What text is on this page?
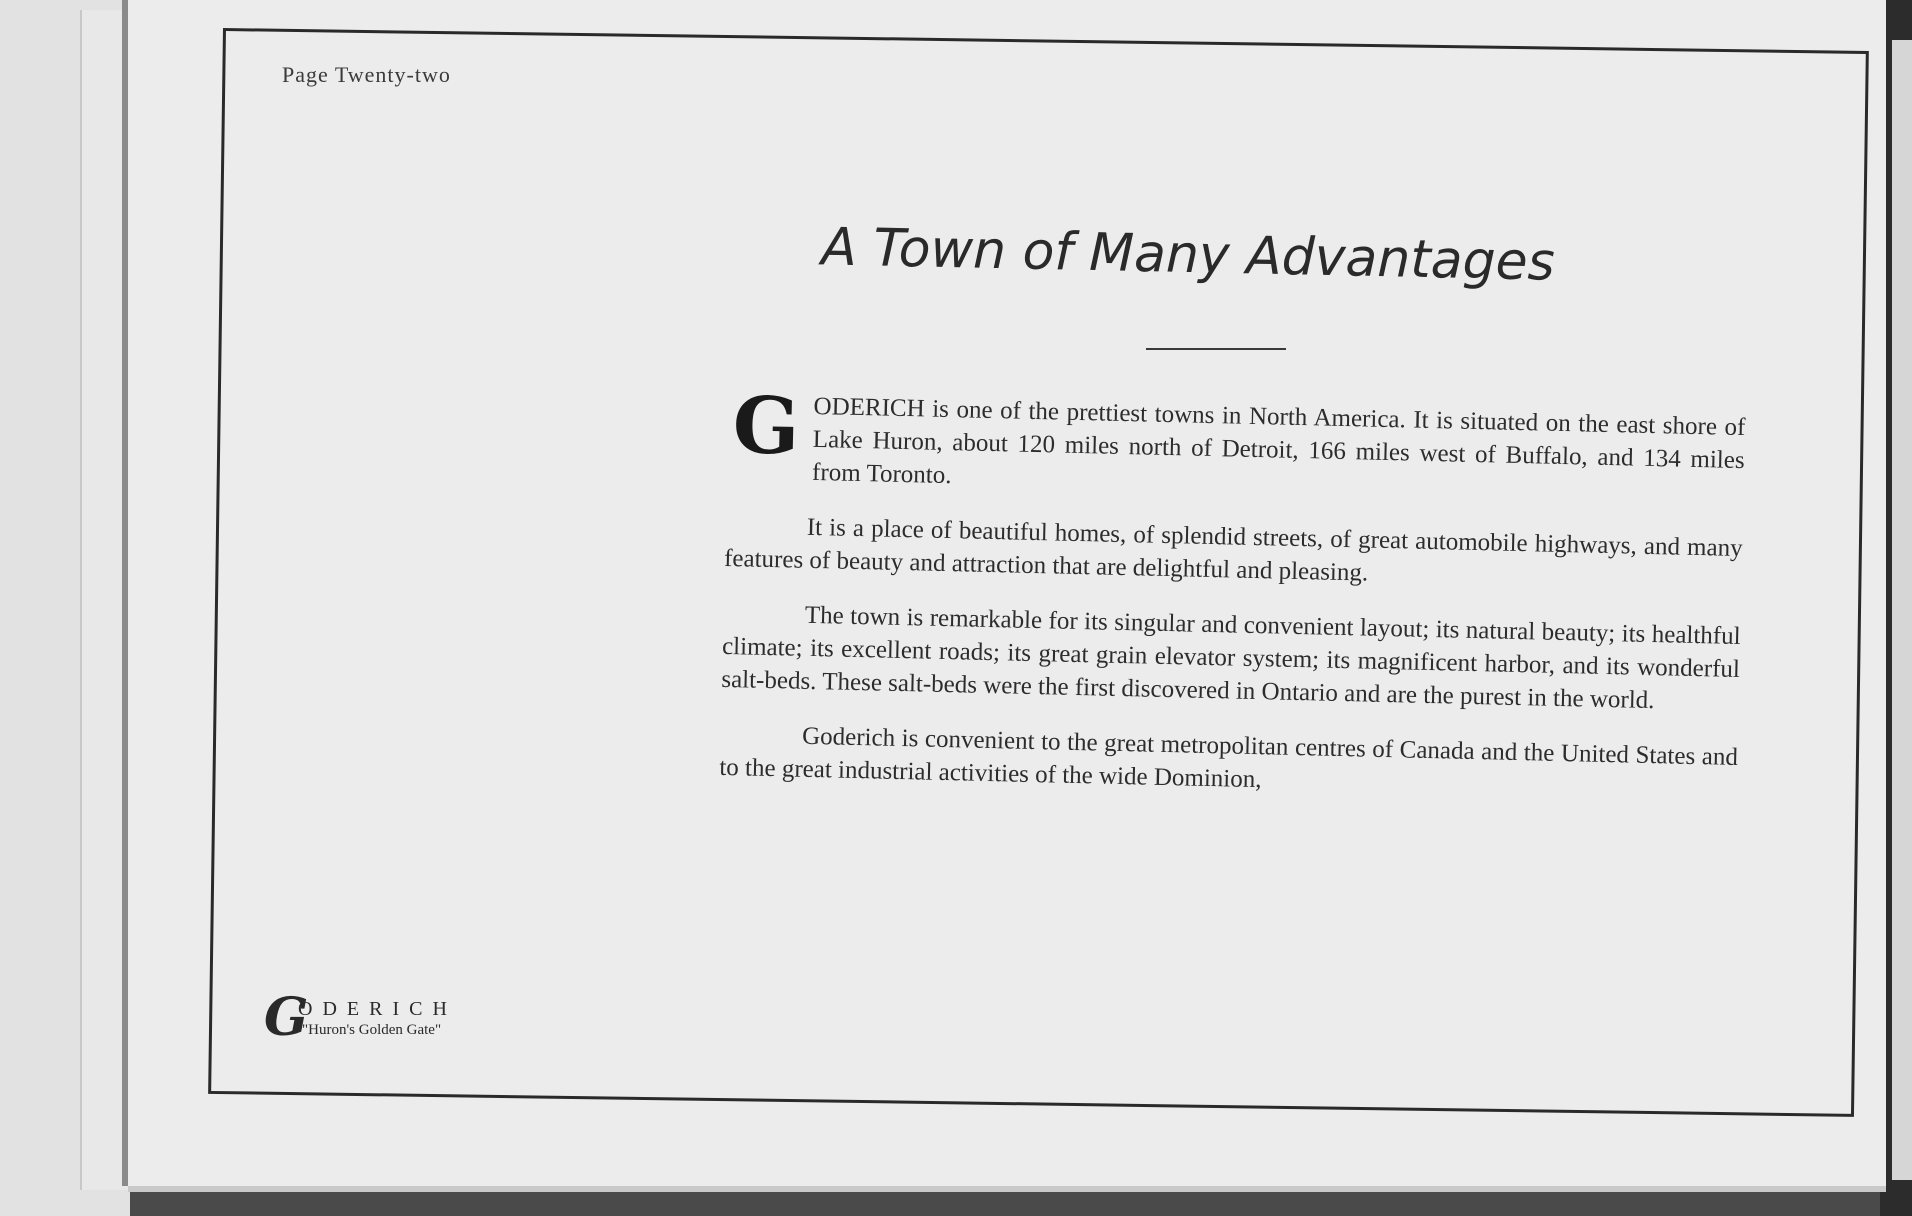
Page Twenty-two
A Town of Many Advantages

GODERICH is one of the prettiest towns in North America. It is situated on the east shore of Lake Huron, about 120 miles north of Detroit, 166 miles west of Buffalo, and 134 miles from Toronto.

It is a place of beautiful homes, of splendid streets, of great automobile highways, and many features of beauty and attraction that are delightful and pleasing.

The town is remarkable for its singular and convenient layout; its natural beauty; its healthful climate; its excellent roads; its great grain elevator system; its magnificent harbor, and its wonderful salt-beds. These salt-beds were the first discovered in Ontario and are the purest in the world.

Goderich is convenient to the great metropolitan centres of Canada and the United States and to the great industrial activities of the wide Dominion,

G
ODERICH
"Huron's Golden Gate"
